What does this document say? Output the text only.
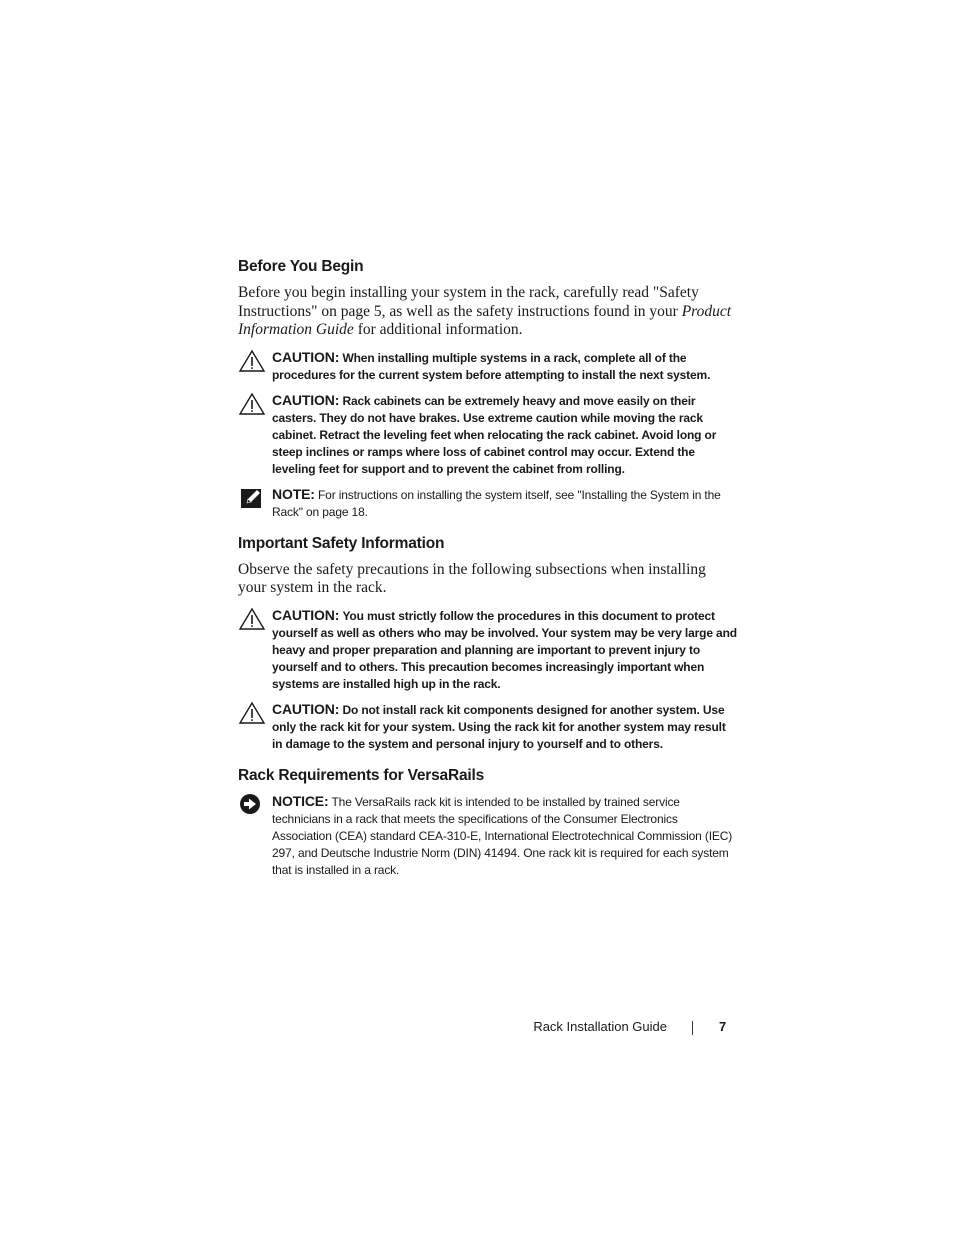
Before You Begin

Before you begin installing your system in the rack, carefully read "Safety Instructions" on page 5, as well as the safety instructions found in your Product Information Guide for additional information.

CAUTION: When installing multiple systems in a rack, complete all of the procedures for the current system before attempting to install the next system.
CAUTION: Rack cabinets can be extremely heavy and move easily on their casters. They do not have brakes. Use extreme caution while moving the rack cabinet. Retract the leveling feet when relocating the rack cabinet. Avoid long or steep inclines or ramps where loss of cabinet control may occur. Extend the leveling feet for support and to prevent the cabinet from rolling.
NOTE: For instructions on installing the system itself, see "Installing the System in the Rack" on page 18.
Important Safety Information

Observe the safety precautions in the following subsections when installing your system in the rack.

CAUTION: You must strictly follow the procedures in this document to protect yourself as well as others who may be involved. Your system may be very large and heavy and proper preparation and planning are important to prevent injury to yourself and to others. This precaution becomes increasingly important when systems are installed high up in the rack.
CAUTION: Do not install rack kit components designed for another system. Use only the rack kit for your system. Using the rack kit for another system may result in damage to the system and personal injury to yourself and to others.
Rack Requirements for VersaRails
NOTICE: The VersaRails rack kit is intended to be installed by trained service technicians in a rack that meets the specifications of the Consumer Electronics Association (CEA) standard CEA-310-E, International Electrotechnical Commission (IEC) 297, and Deutsche Industrie Norm (DIN) 41494. One rack kit is required for each system that is installed in a rack.
Rack Installation Guide	7
